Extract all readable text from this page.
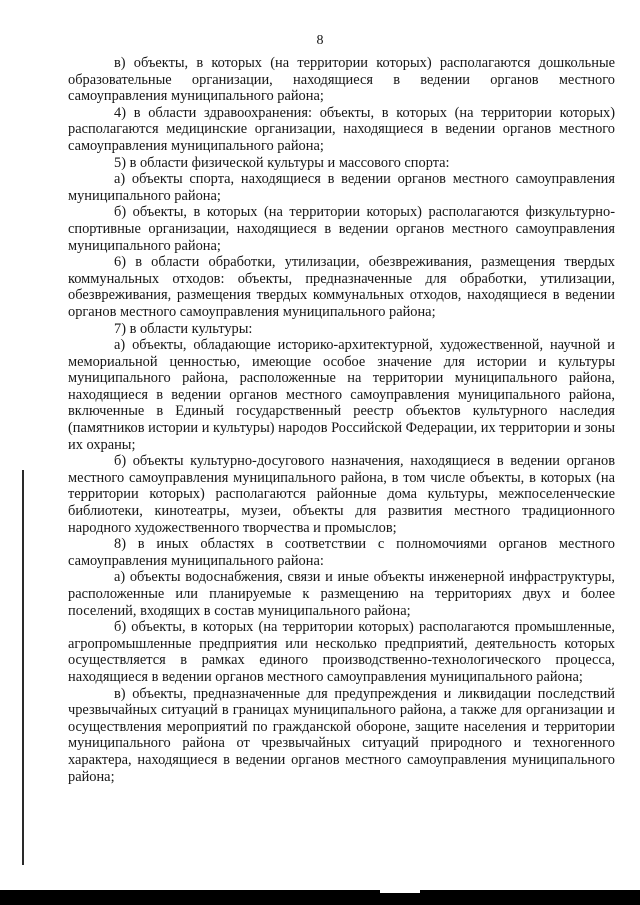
8

в) объекты, в которых (на территории которых) располагаются дошкольные образовательные организации, находящиеся в ведении органов местного самоуправления муниципального района;

4) в области здравоохранения: объекты, в которых (на территории которых) располагаются медицинские организации, находящиеся в ведении органов местного самоуправления муниципального района;

5) в области физической культуры и массового спорта:

а) объекты спорта, находящиеся в ведении органов местного самоуправления муниципального района;

б) объекты, в которых (на территории которых) располагаются физкультурно-спортивные организации, находящиеся в ведении органов местного самоуправления муниципального района;

6) в области обработки, утилизации, обезвреживания, размещения твердых коммунальных отходов: объекты, предназначенные для обработки, утилизации, обезвреживания, размещения твердых коммунальных отходов, находящиеся в ведении органов местного самоуправления муниципального района;

7) в области культуры:

а) объекты, обладающие историко-архитектурной, художественной, научной и мемориальной ценностью, имеющие особое значение для истории и культуры муниципального района, расположенные на территории муниципального района, находящиеся в ведении органов местного самоуправления муниципального района, включенные в Единый государственный реестр объектов культурного наследия (памятников истории и культуры) народов Российской Федерации, их территории и зоны их охраны;

б) объекты культурно-досугового назначения, находящиеся в ведении органов местного самоуправления муниципального района, в том числе объекты, в которых (на территории которых) располагаются районные дома культуры, межпоселенческие библиотеки, кинотеатры, музеи, объекты для развития местного традиционного народного художественного творчества и промыслов;

8) в иных областях в соответствии с полномочиями органов местного самоуправления муниципального района:

а) объекты водоснабжения, связи и иные объекты инженерной инфраструктуры, расположенные или планируемые к размещению на территориях двух и более поселений, входящих в состав муниципального района;

б) объекты, в которых (на территории которых) располагаются промышленные, агропромышленные предприятия или несколько предприятий, деятельность которых осуществляется в рамках единого производственно-технологического процесса, находящиеся в ведении органов местного самоуправления муниципального района;

в) объекты, предназначенные для предупреждения и ликвидации последствий чрезвычайных ситуаций в границах муниципального района, а также для организации и осуществления мероприятий по гражданской обороне, защите населения и территории муниципального района от чрезвычайных ситуаций природного и техногенного характера, находящиеся в ведении органов местного самоуправления муниципального района;
